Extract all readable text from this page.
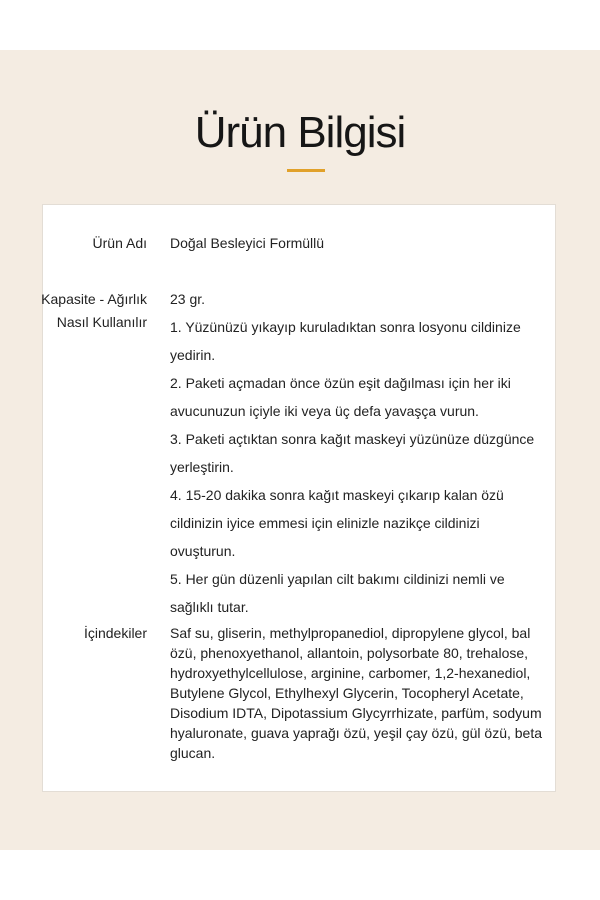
Ürün Bilgisi
Ürün Adı Doğal Besleyici Formüllü
Kapasite - Ağırlık
Nasıl Kullanılır
23 gr.
1. Yüzünüzü yıkayıp kuruladıktan sonra losyonu cildinize yedirin.
2. Paketi açmadan önce özün eşit dağılması için her iki avucunuzun içiyle iki veya üç defa yavaşça vurun.
3. Paketi açtıktan sonra kağıt maskeyi yüzünüze düzgünce yerleştirin.
4. 15-20 dakika sonra kağıt maskeyi çıkarıp kalan özü cildinizin iyice emmesi için elinizle nazikçe cildinizi ovuşturun.
5. Her gün düzenli yapılan cilt bakımı cildinizi nemli ve sağlıklı tutar.
İçindekiler Saf su, gliserin, methylpropanediol, dipropylene glycol, bal özü, phenoxyethanol, allantoin, polysorbate 80, trehalose, hydroxyethylcellulose, arginine, carbomer, 1,2-hexanediol, Butylene Glycol, Ethylhexyl Glycerin, Tocopheryl Acetate, Disodium IDTA, Dipotassium Glycyrrhizate, parfüm, sodyum hyaluronate, guava yaprağı özü, yeşil çay özü, gül özü, beta glucan.
